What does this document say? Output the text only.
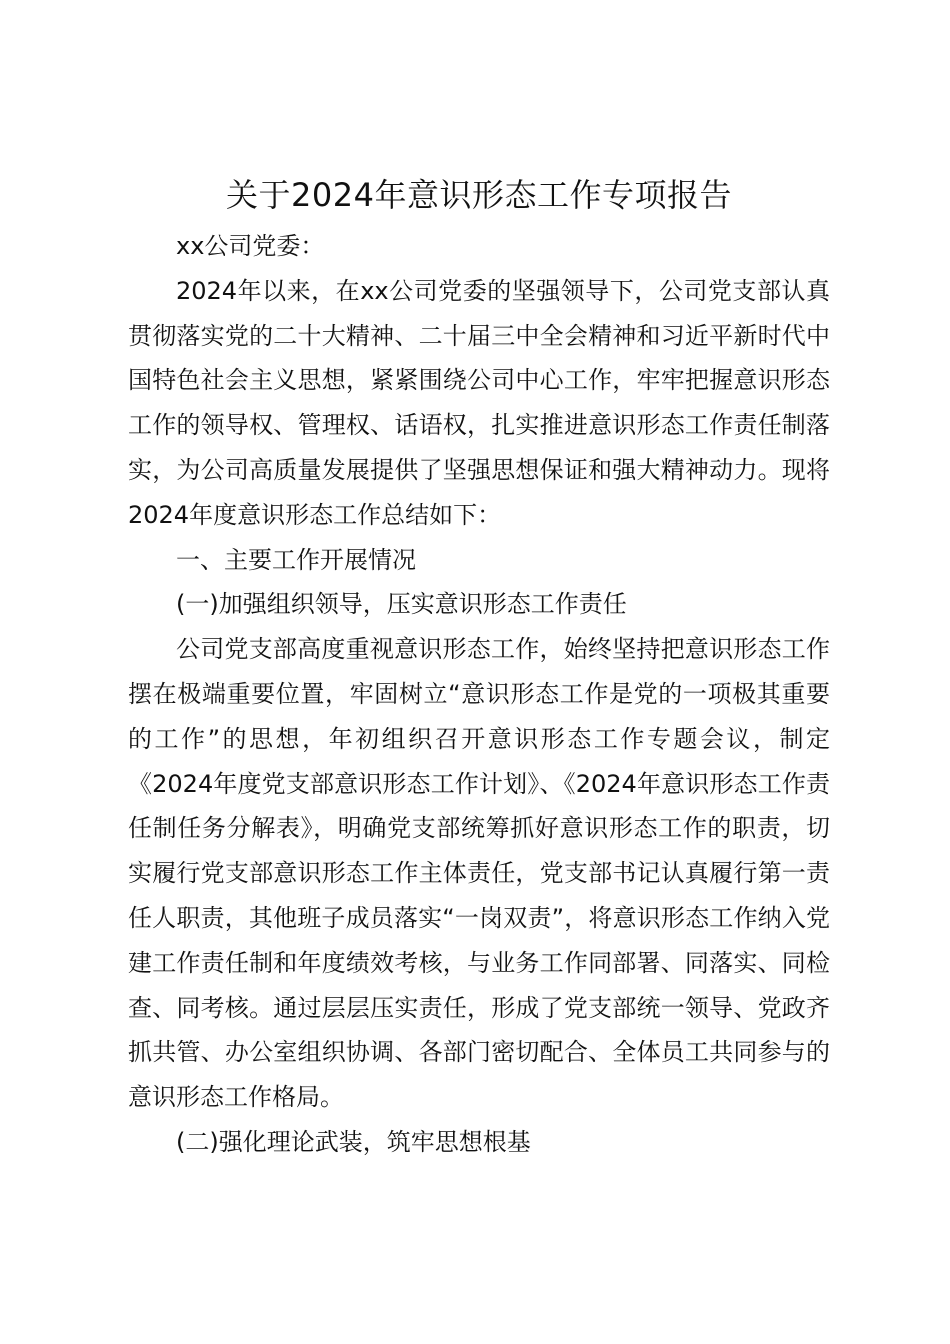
关于2024年意识形态工作专项报告

xx公司党委：

2024年以来，在xx公司党委的坚强领导下，公司党支部认真贯彻落实党的二十大精神、二十届三中全会精神和习近平新时代中国特色社会主义思想，紧紧围绕公司中心工作，牢牢把握意识形态工作的领导权、管理权、话语权，扎实推进意识形态工作责任制落实，为公司高质量发展提供了坚强思想保证和强大精神动力。现将2024年度意识形态工作总结如下：

一、主要工作开展情况

(一)加强组织领导，压实意识形态工作责任

公司党支部高度重视意识形态工作，始终坚持把意识形态工作摆在极端重要位置，牢固树立“意识形态工作是党的一项极其重要的工作”的思想，年初组织召开意识形态工作专题会议，制定《2024年度党支部意识形态工作计划》、《2024年意识形态工作责任制任务分解表》，明确党支部统筹抓好意识形态工作的职责，切实履行党支部意识形态工作主体责任，党支部书记认真履行第一责任人职责，其他班子成员落实“一岗双责”，将意识形态工作纳入党建工作责任制和年度绩效考核，与业务工作同部署、同落实、同检查、同考核。通过层层压实责任，形成了党支部统一领导、党政齐抓共管、办公室组织协调、各部门密切配合、全体员工共同参与的意识形态工作格局。

(二)强化理论武装，筑牢思想根基
